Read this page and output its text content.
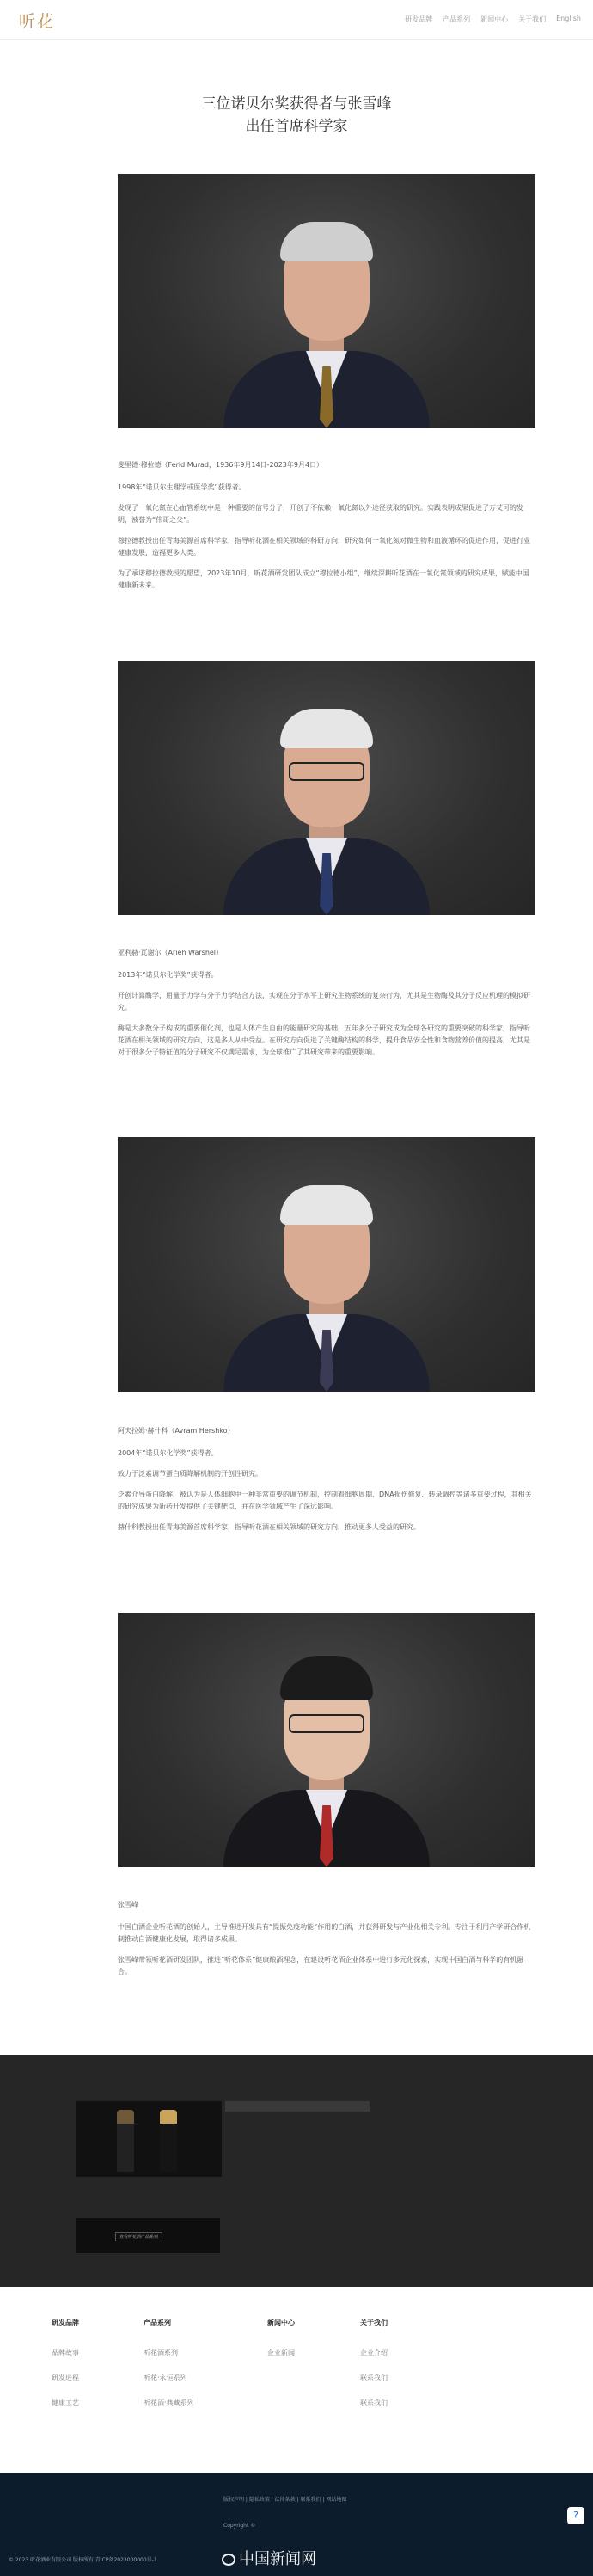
听花	研发品牌 产品系列 新闻中心 关于我们 English
三位诺贝尔奖获得者与张雪峰
出任首席科学家

斐里德·穆拉德（Ferid Murad，1936年9月14日-2023年9月4日）

1998年“诺贝尔生理学或医学奖”获得者。

发现了一氧化氮在心血管系统中是一种重要的信号分子，开创了不依赖一氧化氮以外途径获取的研究。实践表明成果促进了万艾可的发明，被誉为“伟哥之父”。

穆拉德教授出任青海美源首席科学家，指导听花酒在相关领域的科研方向，研究如何一氧化氮对微生物和血液循环的促进作用，促进行业健康发展，造福更多人类。

为了承诺穆拉德教授的愿望，2023年10月，听花酒研发团队成立“穆拉德小组”，继续深耕听花酒在一氧化氮领域的研究成果，赋能中国健康新未来。

亚利赫·瓦谢尔（Arieh Warshel）

2013年“诺贝尔化学奖”获得者。

开创计算酶学，用量子力学与分子力学结合方法，实现在分子水平上研究生物系统的复杂行为，尤其是生物酶及其分子反应机理的模拟研究。

酶是大多数分子构成的重要催化剂，也是人体产生自由的能量研究的基础，五年多分子研究成为全球各研究的重要突破的科学家，指导听花酒在相关领域的研究方向，这是多人从中受益。在研究方向促进了关键酶结构的科学，提升食品安全性和食物营养价值的提高，尤其是对于很多分子特征值的分子研究不仅满足需求，为全球推广了其研究带来的重要影响。

阿夫拉姆·赫什科（Avram Hershko）

2004年“诺贝尔化学奖”获得者。

致力于泛素调节蛋白质降解机制的开创性研究。

泛素介导蛋白降解，被认为是人体细胞中一种非常重要的调节机制，控制着细胞周期、DNA损伤修复、转录调控等诸多重要过程，其相关的研究成果为新药开发提供了关键靶点，并在医学领域产生了深远影响。

赫什科教授出任青海美源首席科学家，指导听花酒在相关领域的研究方向，推动更多人受益的研究。

张雪峰

中国白酒企业听花酒的创始人，主导推进开发具有“提振免疫功能”作用的白酒，并获得研发与产业化相关专利。专注于利用产学研合作机制推动白酒健康化发展，取得诸多成果。

张雪峰带领听花酒研发团队，推进“听花体系”健康酿酒理念，在建设听花酒企业体系中进行多元化探索，实现中国白酒与科学的有机融合。

查看听花酒产品系列
研发品牌
品牌故事
研发进程
健康工艺
产品系列
听花酒系列
听花·永恒系列
听花酒·典藏系列
新闻中心
企业新闻
关于我们
企业介绍
联系我们
联系我们
版权声明 | 隐私政策 | 法律条款 | 联系我们 | 网站地图
Copyright ©
© 2023 听花酒业有限公司 版权所有 青ICP备2023000000号-1	中国新闻网
?
